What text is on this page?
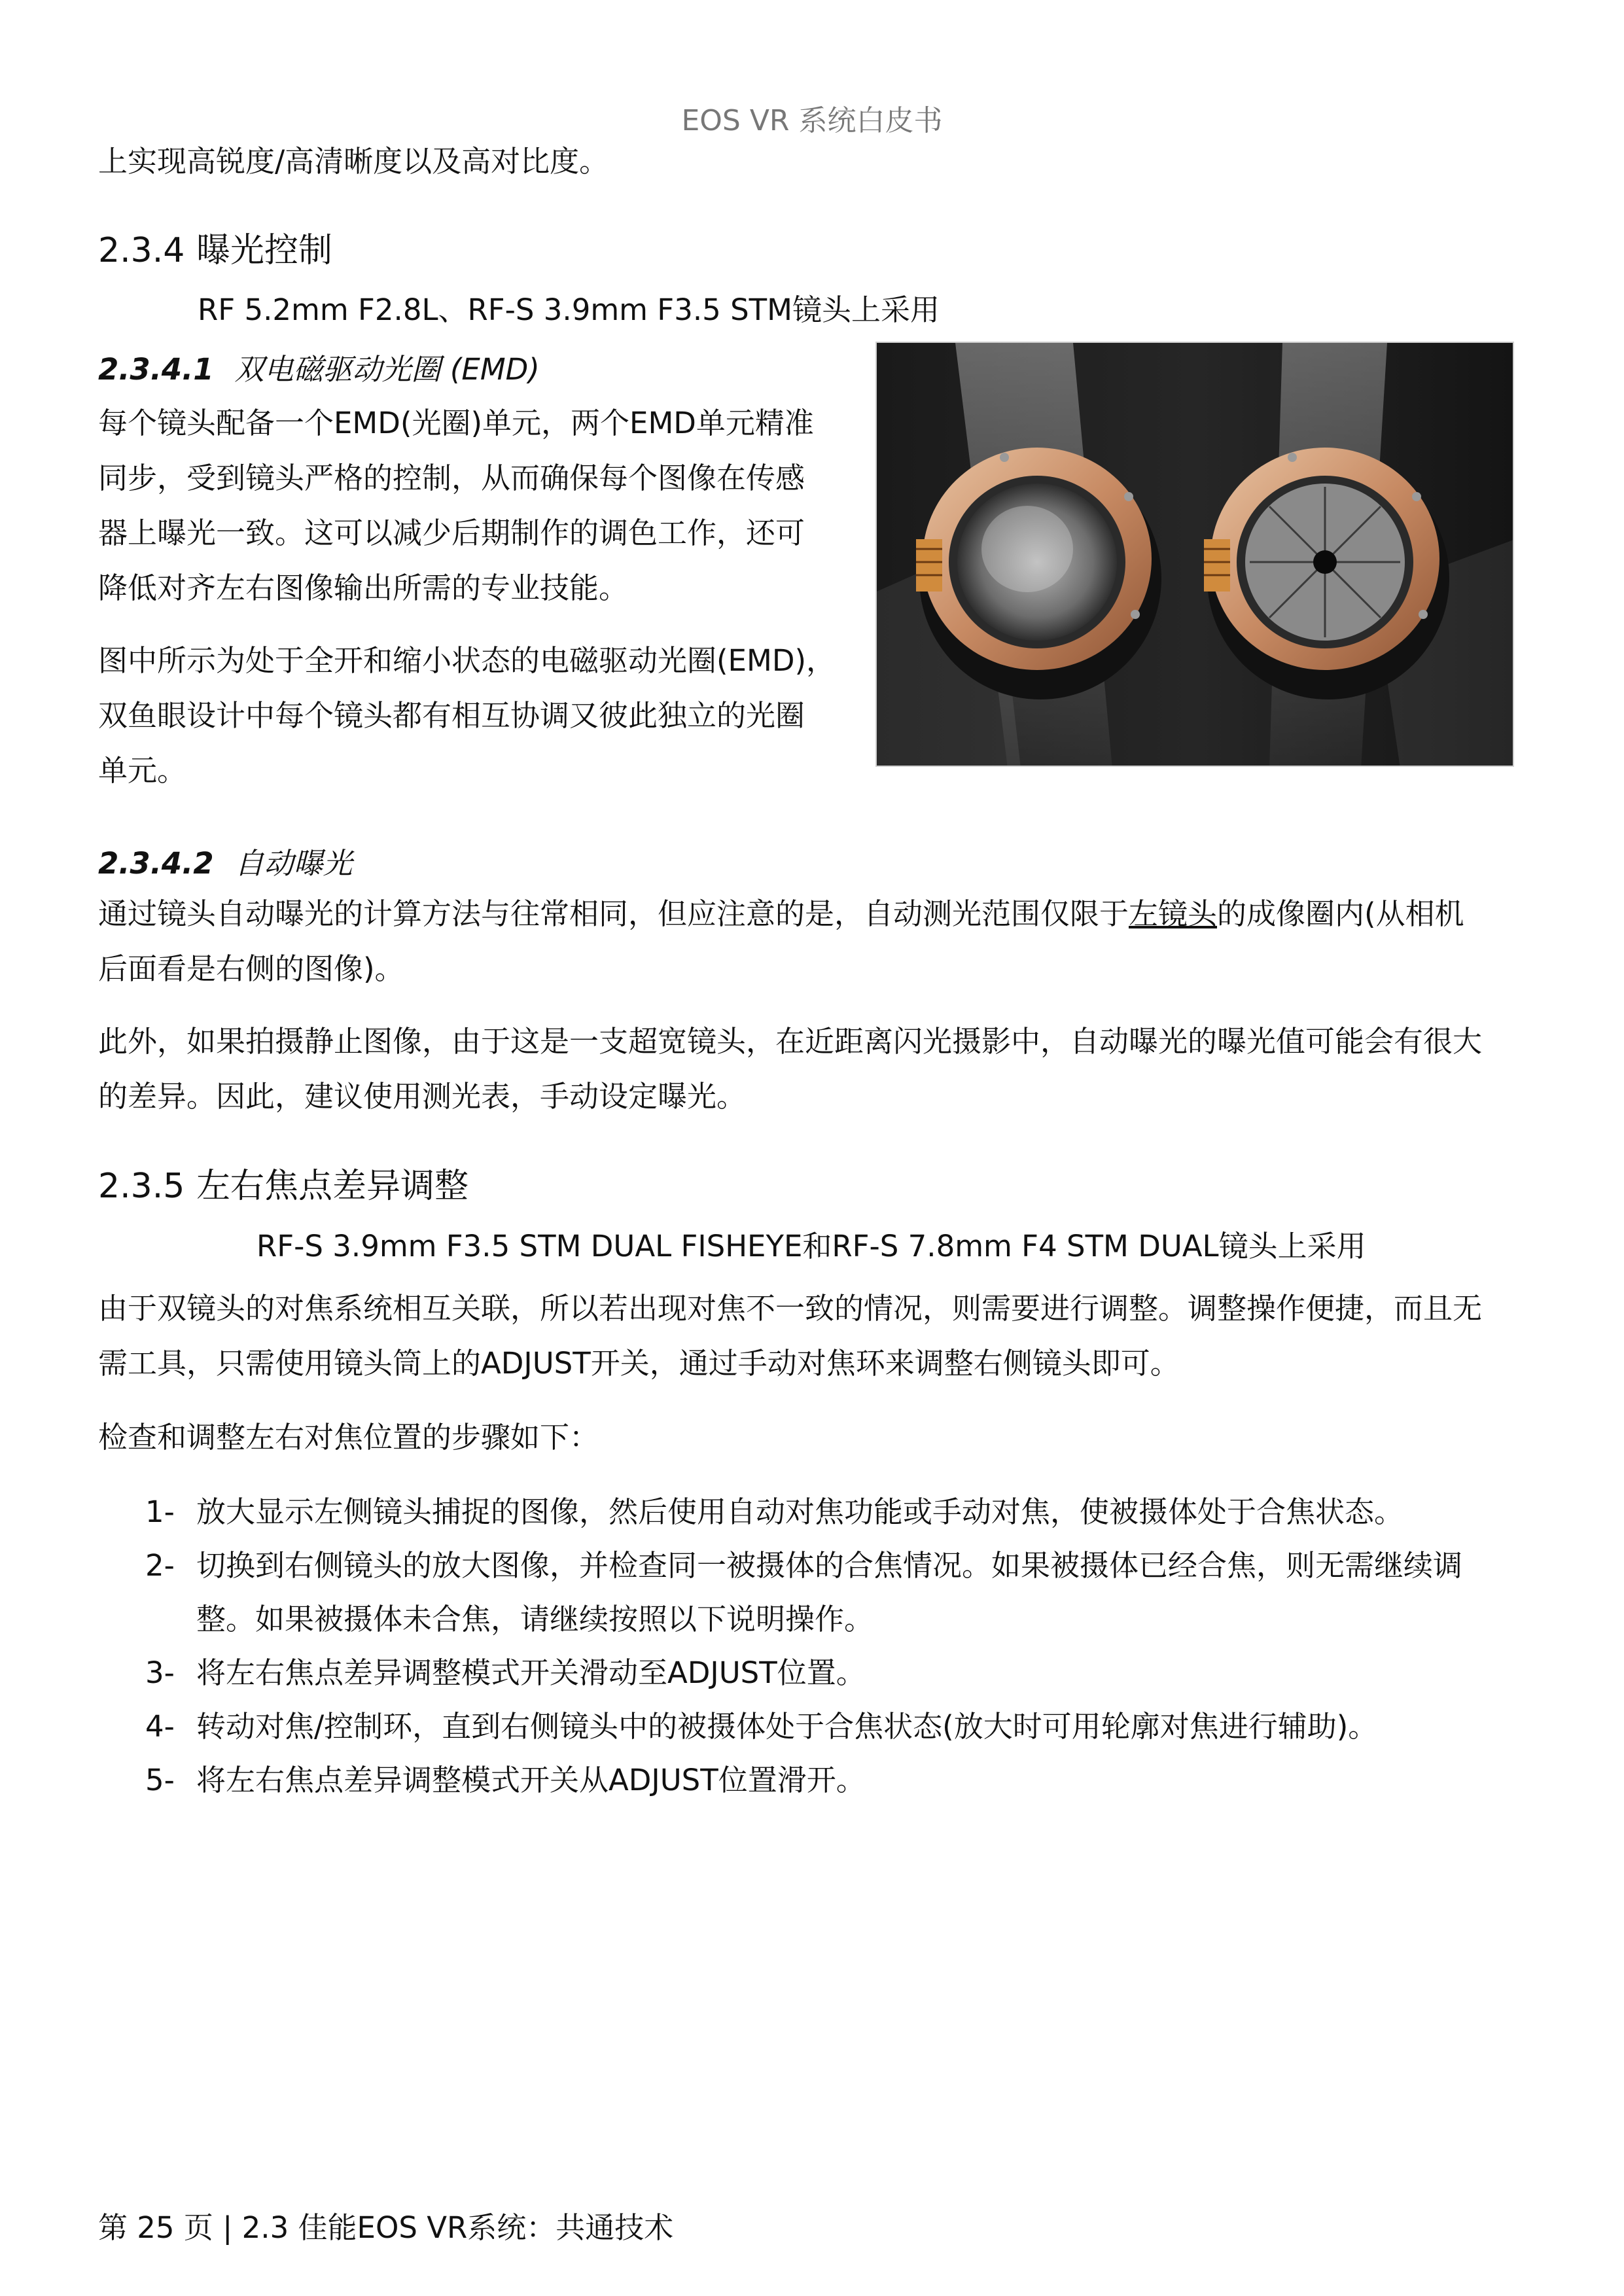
EOS VR 系统白皮书
上实现高锐度/高清晰度以及高对比度。
2.3.4 曝光控制
RF 5.2mm F2.8L、RF-S 3.9mm F3.5 STM镜头上采用
2.3.4.1 双电磁驱动光圈 (EMD)
每个镜头配备一个EMD(光圈)单元，两个EMD单元精准
同步，受到镜头严格的控制，从而确保每个图像在传感
器上曝光一致。这可以减少后期制作的调色工作，还可
降低对齐左右图像输出所需的专业技能。
图中所示为处于全开和缩小状态的电磁驱动光圈(EMD)，
双鱼眼设计中每个镜头都有相互协调又彼此独立的光圈
单元。
2.3.4.2 自动曝光
通过镜头自动曝光的计算方法与往常相同，但应注意的是，自动测光范围仅限于左镜头的成像圈内(从相机
后面看是右侧的图像)。
此外，如果拍摄静止图像，由于这是一支超宽镜头，在近距离闪光摄影中，自动曝光的曝光值可能会有很大
的差异。因此，建议使用测光表，手动设定曝光。
2.3.5 左右焦点差异调整
RF-S 3.9mm F3.5 STM DUAL FISHEYE和RF-S 7.8mm F4 STM DUAL镜头上采用
由于双镜头的对焦系统相互关联，所以若出现对焦不一致的情况，则需要进行调整。调整操作便捷，而且无
需工具，只需使用镜头筒上的ADJUST开关，通过手动对焦环来调整右侧镜头即可。
检查和调整左右对焦位置的步骤如下：
1- 放大显示左侧镜头捕捉的图像，然后使用自动对焦功能或手动对焦，使被摄体处于合焦状态。
2- 切换到右侧镜头的放大图像，并检查同一被摄体的合焦情况。如果被摄体已经合焦，则无需继续调
整。如果被摄体未合焦，请继续按照以下说明操作。
3- 将左右焦点差异调整模式开关滑动至ADJUST位置。
4- 转动对焦/控制环，直到右侧镜头中的被摄体处于合焦状态(放大时可用轮廓对焦进行辅助)。
5- 将左右焦点差异调整模式开关从ADJUST位置滑开。
第 25 页 | 2.3 佳能EOS VR系统：共通技术
